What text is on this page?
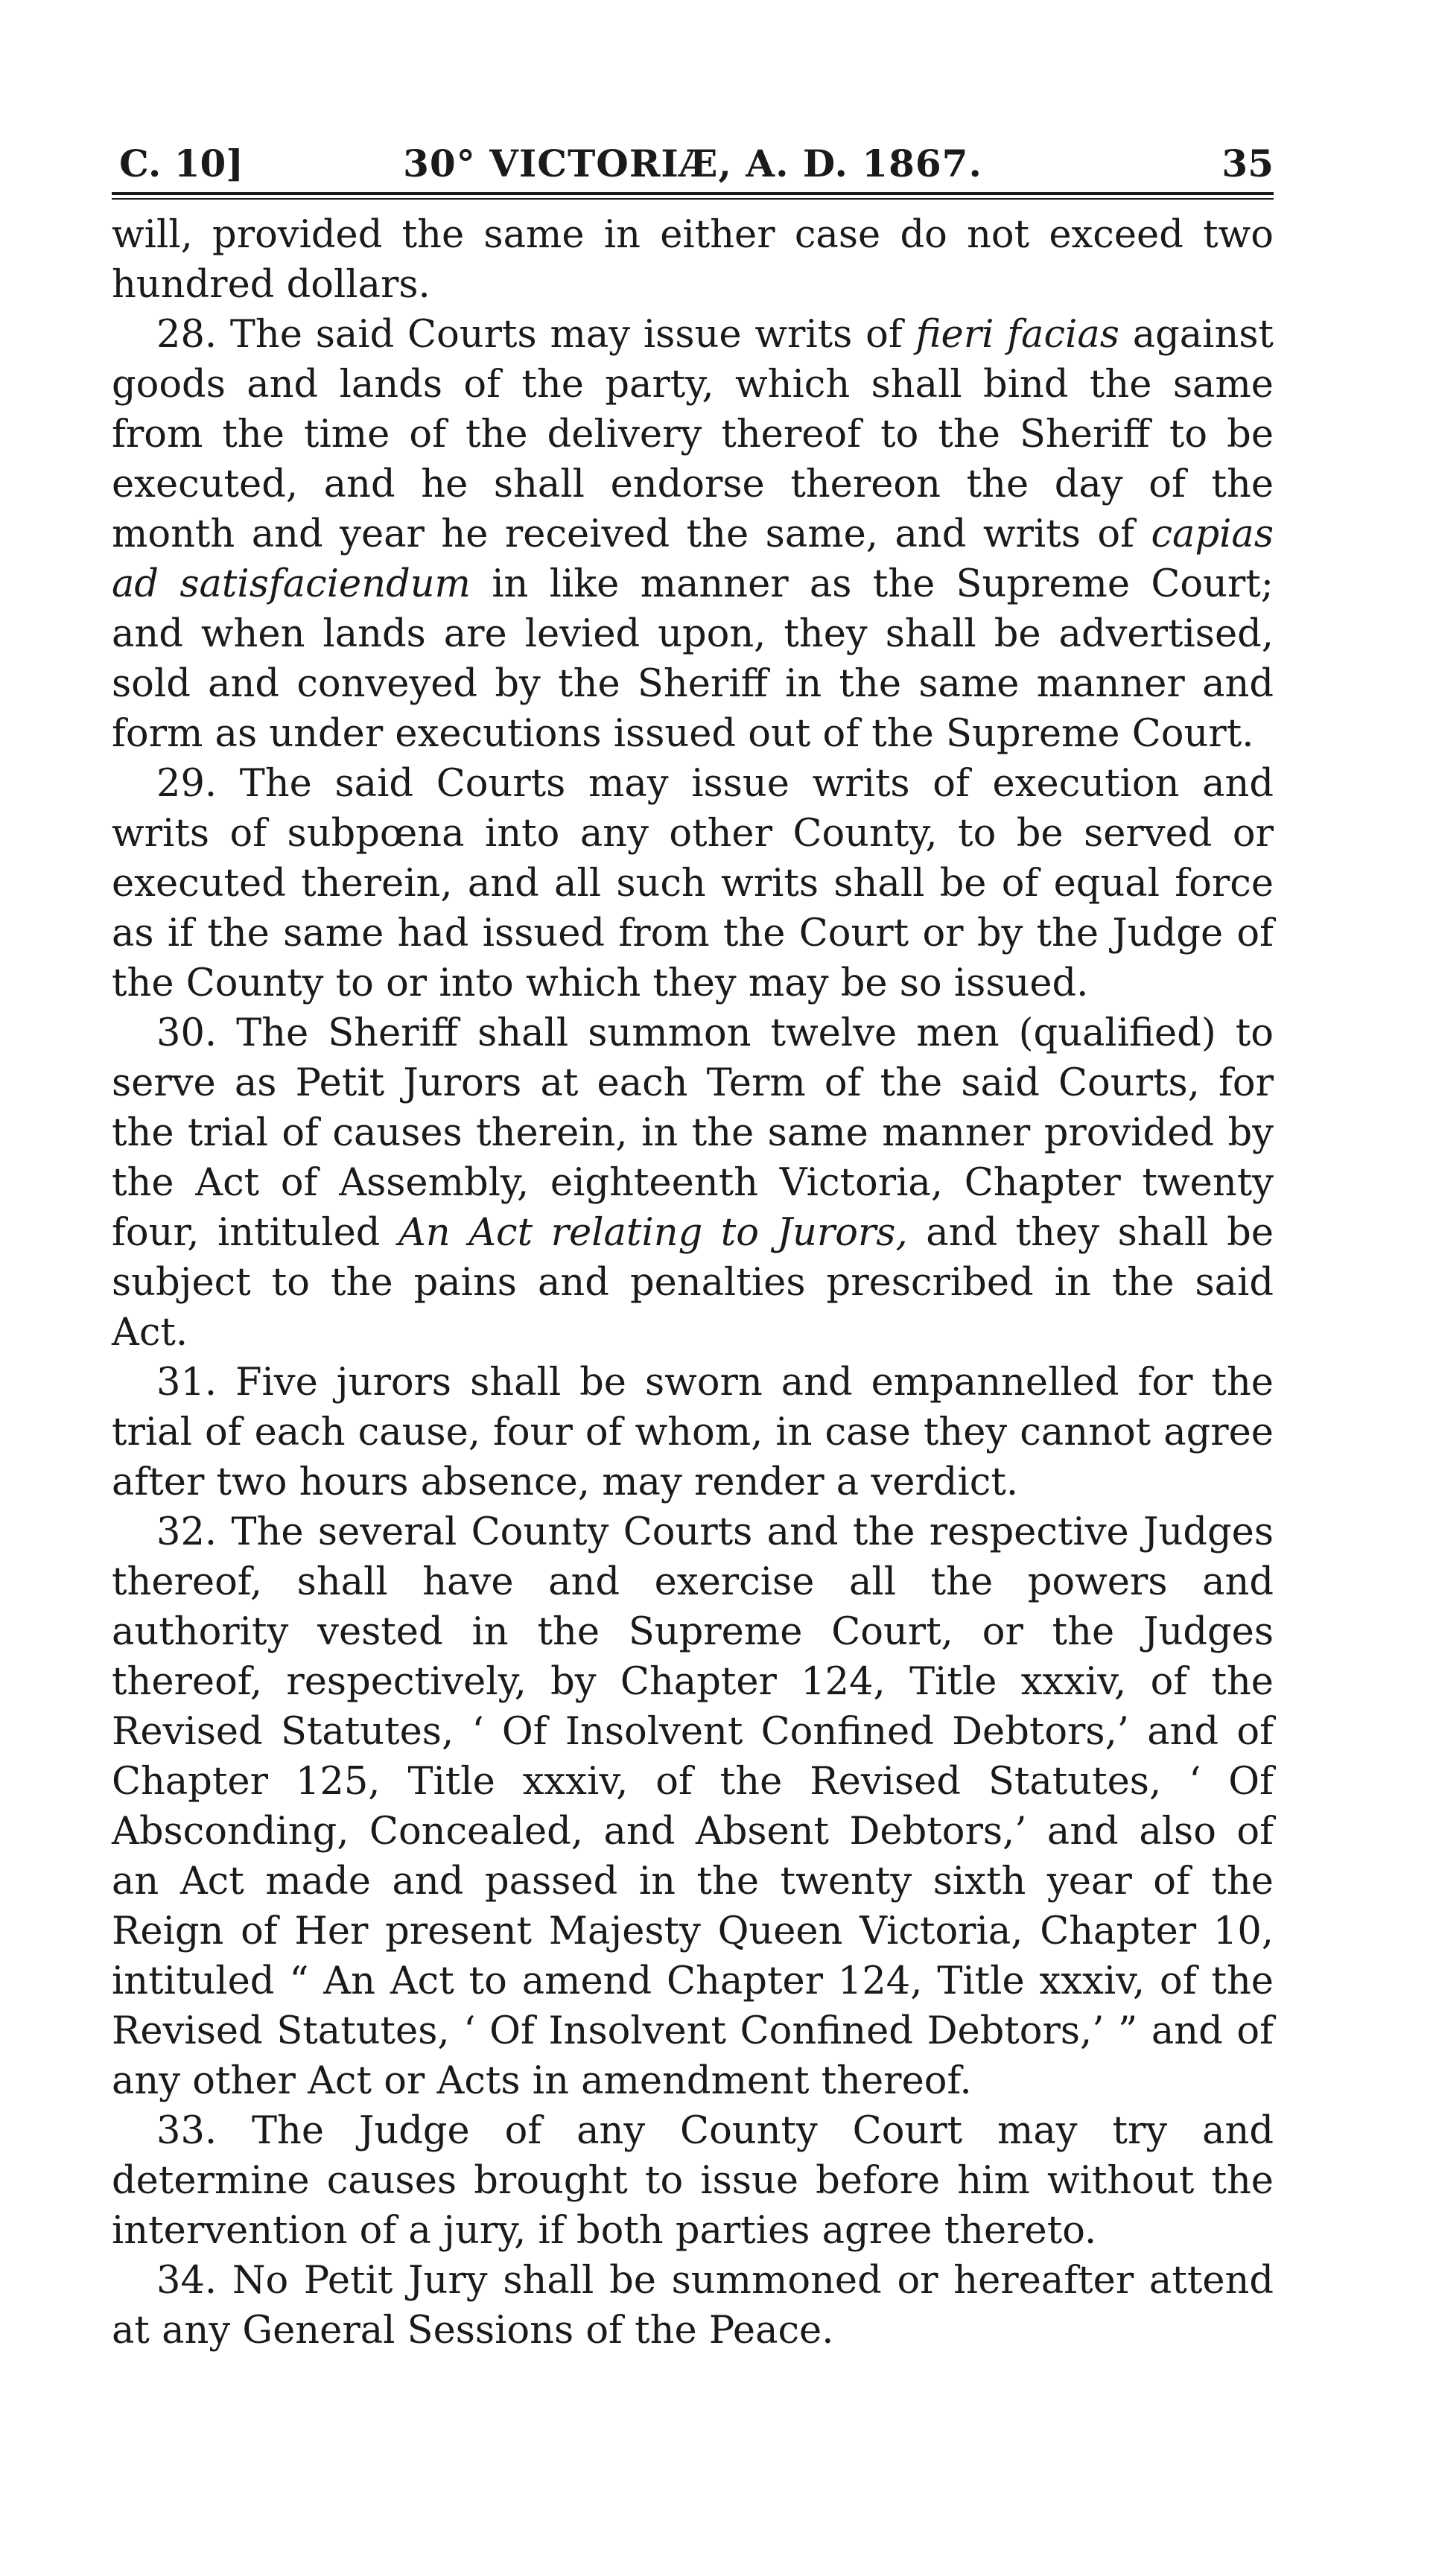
C. 10]	30° VICTORIÆ, A. D. 1867.	35

will, provided the same in either case do not exceed two hundred dollars.

28. The said Courts may issue writs of fieri facias against goods and lands of the party, which shall bind the same from the time of the delivery thereof to the Sheriff to be executed, and he shall endorse thereon the day of the month and year he received the same, and writs of capias ad satisfaciendum in like manner as the Supreme Court; and when lands are levied upon, they shall be advertised, sold and conveyed by the Sheriff in the same manner and form as under executions issued out of the Supreme Court.

29. The said Courts may issue writs of execution and writs of subpœna into any other County, to be served or executed therein, and all such writs shall be of equal force as if the same had issued from the Court or by the Judge of the County to or into which they may be so issued.

30. The Sheriff shall summon twelve men (qualified) to serve as Petit Jurors at each Term of the said Courts, for the trial of causes therein, in the same manner provided by the Act of Assembly, eighteenth Victoria, Chapter twenty four, intituled An Act relating to Jurors, and they shall be subject to the pains and penalties prescribed in the said Act.

31. Five jurors shall be sworn and empannelled for the trial of each cause, four of whom, in case they cannot agree after two hours absence, may render a verdict.

32. The several County Courts and the respective Judges thereof, shall have and exercise all the powers and authority vested in the Supreme Court, or the Judges thereof, respectively, by Chapter 124, Title xxxiv, of the Revised Statutes, ‘ Of Insolvent Confined Debtors,’ and of Chapter 125, Title xxxiv, of the Revised Statutes, ‘ Of Absconding, Concealed, and Absent Debtors,’ and also of an Act made and passed in the twenty sixth year of the Reign of Her present Majesty Queen Victoria, Chapter 10, intituled “ An Act to amend Chapter 124, Title xxxiv, of the Revised Statutes, ‘ Of Insolvent Confined Debtors,’ ” and of any other Act or Acts in amendment thereof.

33. The Judge of any County Court may try and determine causes brought to issue before him without the intervention of a jury, if both parties agree thereto.

34. No Petit Jury shall be summoned or hereafter attend at any General Sessions of the Peace.
